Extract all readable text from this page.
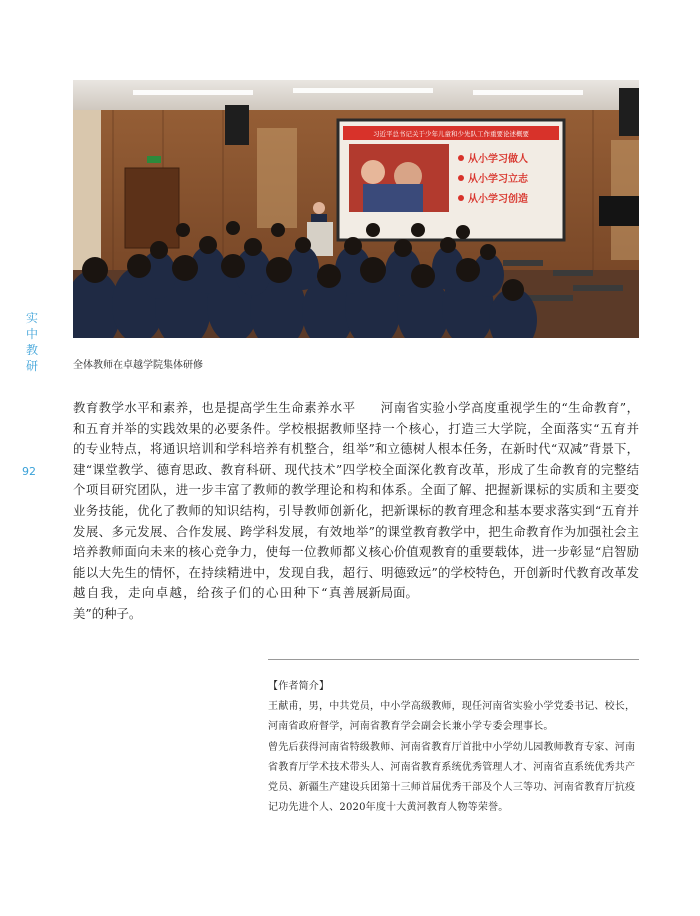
实
中
教
研
92
习近平总书记关于少年儿童和少先队工作重要论述概要
从小学习做人
从小学习立志
从小学习创造
全体教师在卓越学院集体研修

教育教学水平和素养，也是提高学生生命素养水平和五育并举的实践效果的必要条件。学校根据教师的专业特点，将通识培训和学科培养有机整合，组建“课堂教学、德育思政、教育科研、现代技术”四个项目研究团队，进一步丰富了教师的教学理论和业务技能，优化了教师的知识结构，引导教师创新发展、多元发展、合作发展、跨学科发展，有效地培养教师面向未来的核心竞争力，使每一位教师都能以大先生的情怀，在持续精进中，发现自我，超越自我，走向卓越，给孩子们的心田种下“真善美”的种子。

河南省实验小学高度重视学生的“生命教育”，坚持一个核心，打造三大学院，全面落实“五育并举”和立德树人根本任务，在新时代“双减”背景下，学校全面深化教育改革，形成了生命教育的完整结构和体系。全面了解、把握新课标的实质和主要变化，把新课标的教育理念和基本要求落实到“五育并举”的课堂教育教学中，把生命教育作为加强社会主义核心价值观教育的重要载体，进一步彰显“启智励行、明德致远”的学校特色，开创新时代教育改革发展新局面。

【作者简介】

王献甫，男，中共党员，中小学高级教师，现任河南省实验小学党委书记、校长，河南省政府督学，河南省教育学会副会长兼小学专委会理事长。

曾先后获得河南省特级教师、河南省教育厅首批中小学幼儿园教师教育专家、河南省教育厅学术技术带头人、河南省教育系统优秀管理人才、河南省直系统优秀共产党员、新疆生产建设兵团第十三师首届优秀干部及个人三等功、河南省教育厅抗疫记功先进个人、2020年度十大黄河教育人物等荣誉。
